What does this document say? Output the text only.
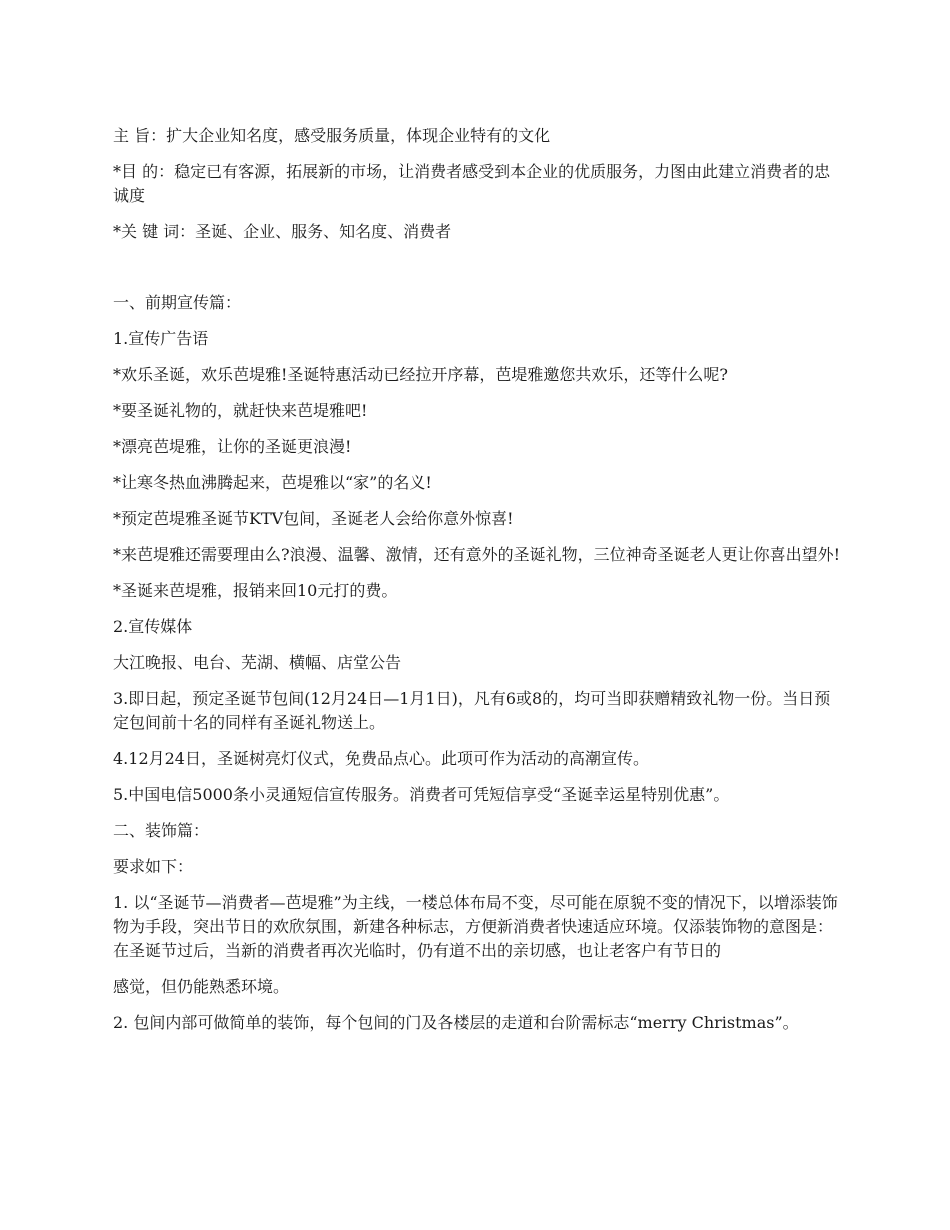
主 旨：扩大企业知名度，感受服务质量，体现企业特有的文化

*目 的：稳定已有客源，拓展新的市场，让消费者感受到本企业的优质服务，力图由此建立消费者的忠诚度

*关 键 词：圣诞、企业、服务、知名度、消费者

一、前期宣传篇：

1.宣传广告语

*欢乐圣诞，欢乐芭堤雅!圣诞特惠活动已经拉开序幕，芭堤雅邀您共欢乐，还等什么呢?

*要圣诞礼物的，就赶快来芭堤雅吧!

*漂亮芭堤雅，让你的圣诞更浪漫!

*让寒冬热血沸腾起来，芭堤雅以“家”的名义!

*预定芭堤雅圣诞节KTV包间，圣诞老人会给你意外惊喜!

*来芭堤雅还需要理由么?浪漫、温馨、激情，还有意外的圣诞礼物，三位神奇圣诞老人更让你喜出望外!

*圣诞来芭堤雅，报销来回10元打的费。

2.宣传媒体

大江晚报、电台、芜湖、横幅、店堂公告

3.即日起，预定圣诞节包间(12月24日—1月1日)，凡有6或8的，均可当即获赠精致礼物一份。当日预定包间前十名的同样有圣诞礼物送上。

4.12月24日，圣诞树亮灯仪式，免费品点心。此项可作为活动的高潮宣传。

5.中国电信5000条小灵通短信宣传服务。消费者可凭短信享受“圣诞幸运星特别优惠”。

二、装饰篇：

要求如下：

1. 以“圣诞节—消费者—芭堤雅”为主线，一楼总体布局不变，尽可能在原貌不变的情况下，以增添装饰物为手段，突出节日的欢欣氛围，新建各种标志，方便新消费者快速适应环境。仅添装饰物的意图是：在圣诞节过后，当新的消费者再次光临时，仍有道不出的亲切感，也让老客户有节日的

感觉，但仍能熟悉环境。

2. 包间内部可做简单的装饰，每个包间的门及各楼层的走道和台阶需标志“merry Christmas”。
